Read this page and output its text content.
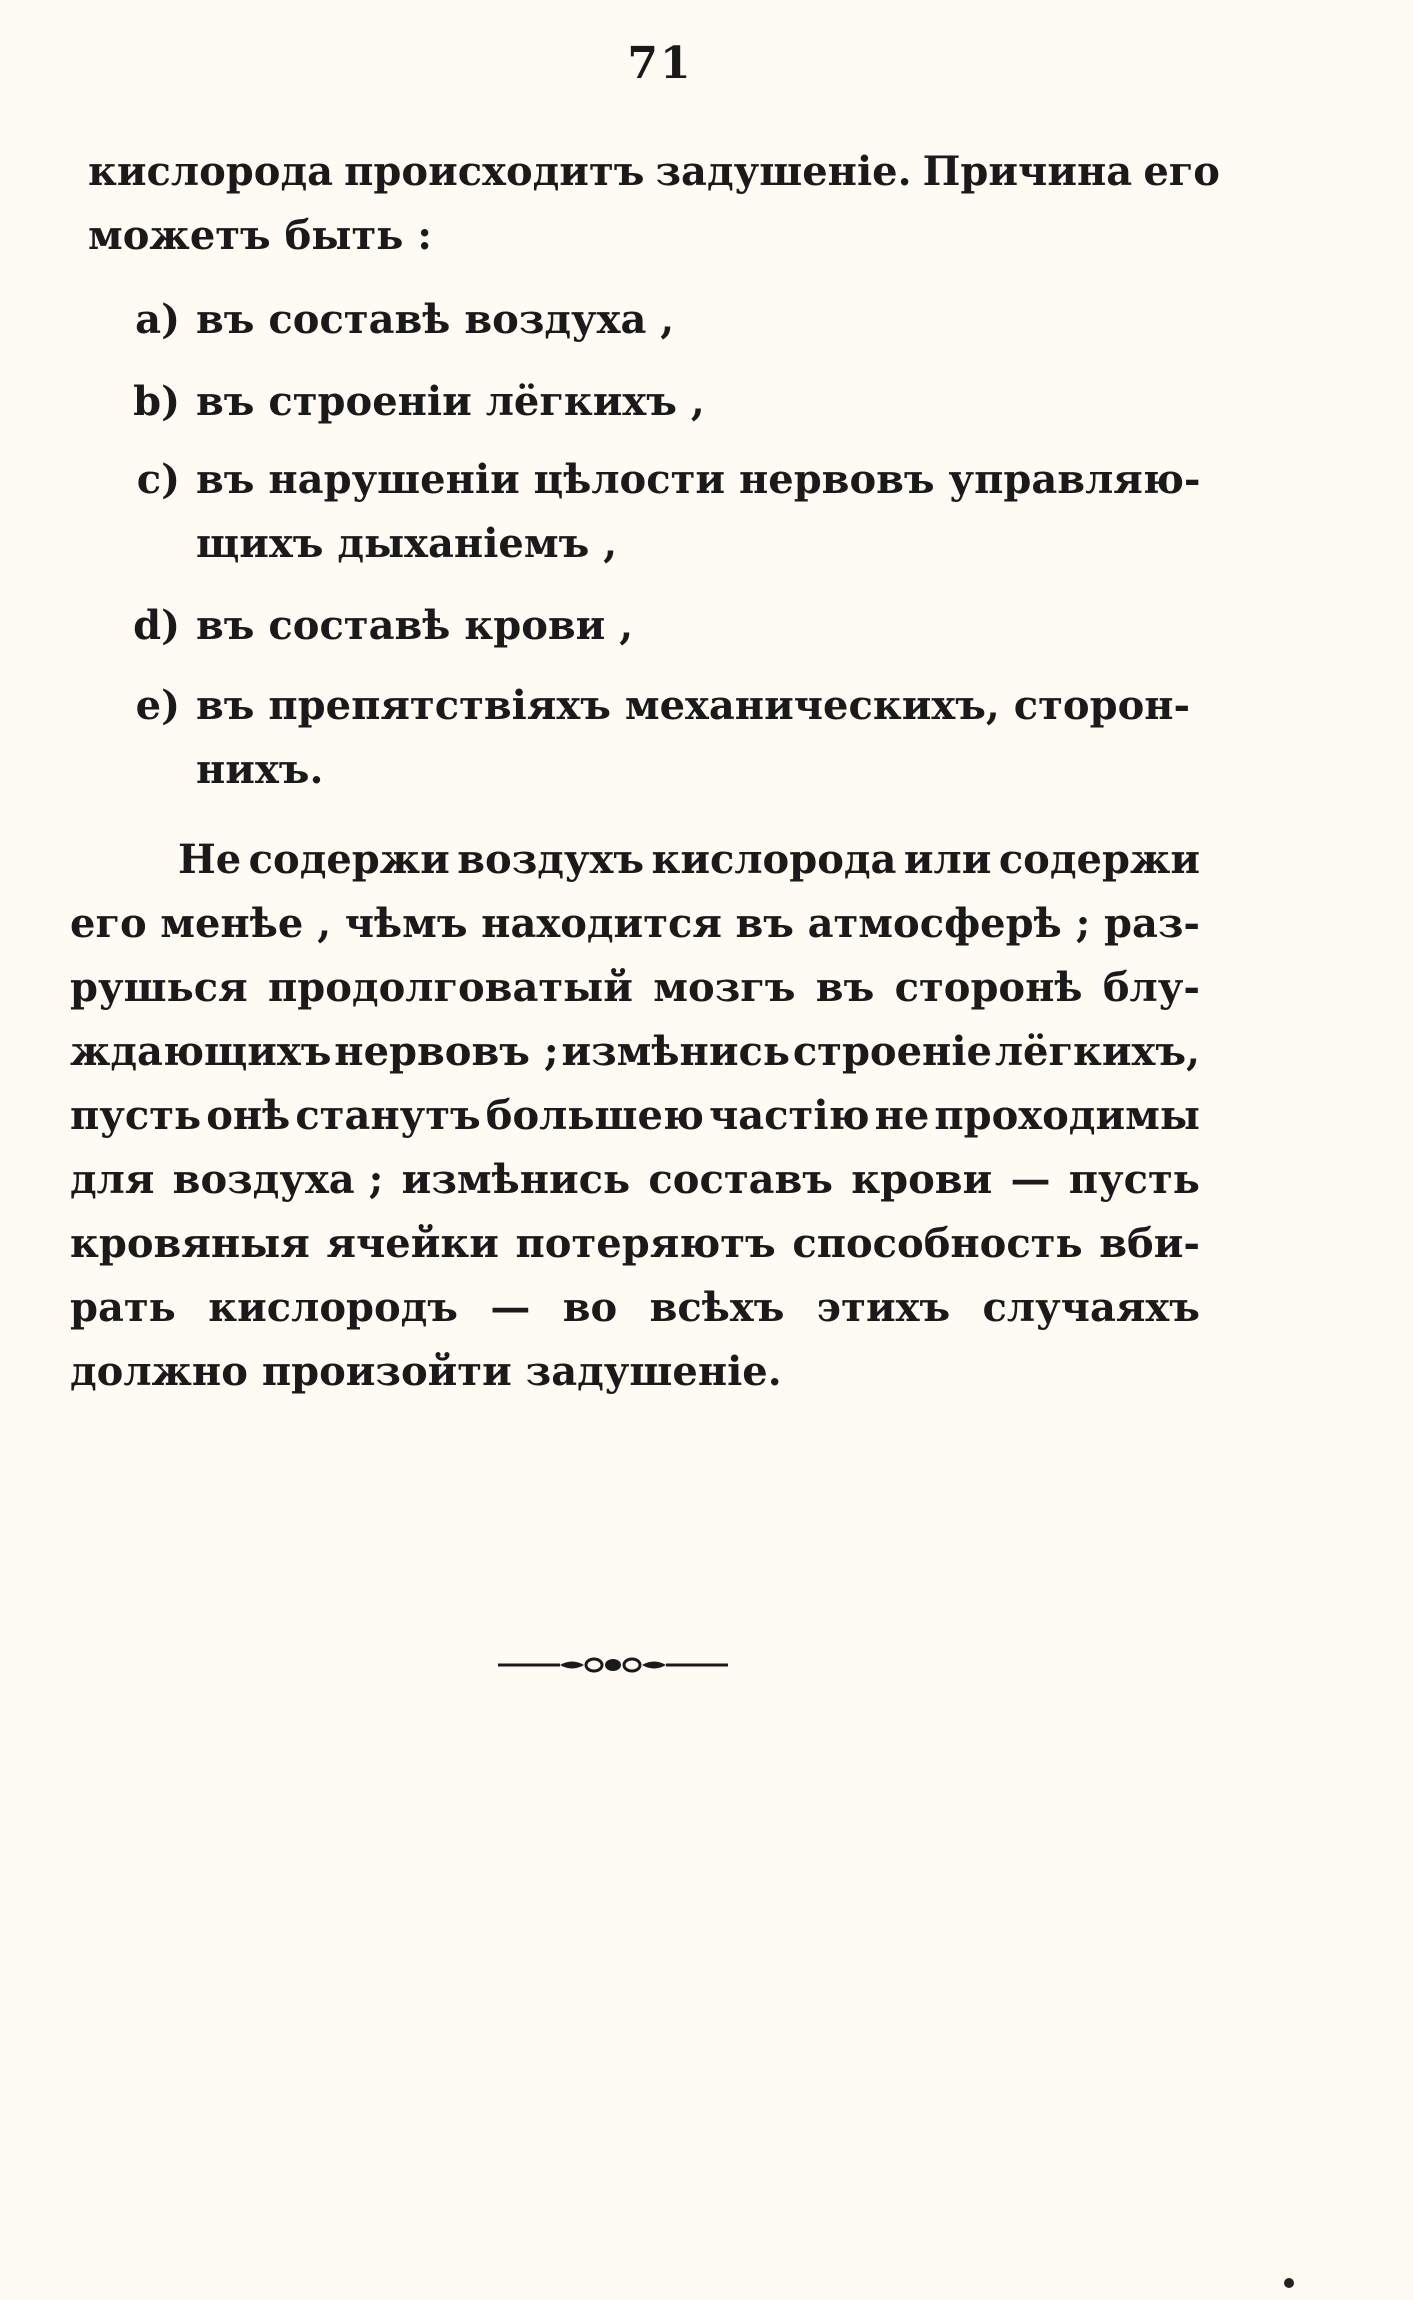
71
кислорода происходитъ задушеніе. Причина его
можетъ быть :
a) въ составѣ воздуха ,
b) въ строеніи лёгкихъ ,
c) въ нарушеніи цѣлости нервовъ управляю-
щихъ дыханіемъ ,
d) въ составѣ крови ,
e) въ препятствіяхъ механическихъ, сторон-
нихъ.
Не содержи воздухъ кислорода или содержи
его менѣе , чѣмъ находится въ атмосферѣ ; раз-
рушься продолговатый мозгъ въ сторонѣ блу-
ждающихъ нервовъ ; измѣнись строеніе лёгкихъ,
пусть онѣ станутъ большею частію не проходимы
для воздуха ; измѣнись составъ крови — пусть
кровяныя ячейки потеряютъ способность вби-
рать кислородъ — во всѣхъ этихъ случаяхъ
должно произойти задушеніе.
